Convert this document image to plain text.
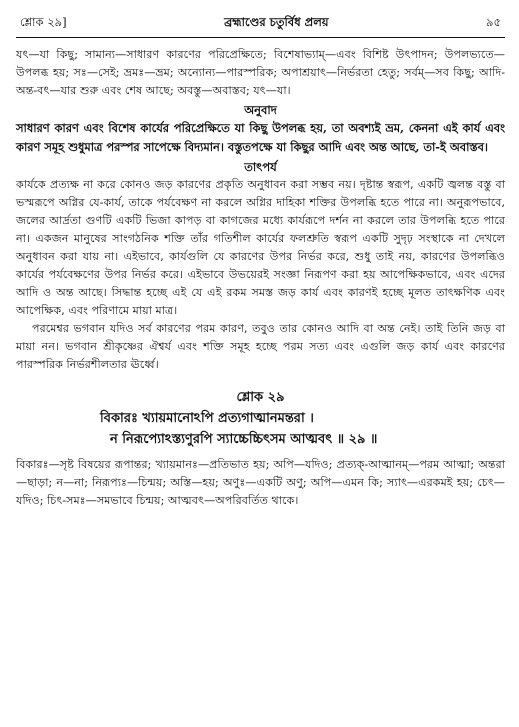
শ্লোক ২৯]	ব্রহ্মাণ্ডের চতুর্বিধ প্রলয়	৯৫

যৎ—যা কিছু; সামান্য—সাধারণ কারণের পরিপ্রেক্ষিতে; বিশেষাভ্যাম্—এবং বিশিষ্ট উৎপাদন; উপলভ্যতে—উপলব্ধ হয়; সঃ—সেই; ভ্রমঃ—ভ্রম; অন্যোন্য—পারস্পরিক; অপাশ্রয়াৎ—নির্ভরতা হেতু; সর্বম্—সব কিছু; আদি-অন্ত-বৎ—যার শুরু এবং শেষ আছে; অবস্তু—অবাস্তব; যৎ—যা।

অনুবাদ

সাধারণ কারণ এবং বিশেষ কার্যের পরিপ্রেক্ষিতে যা কিছু উপলব্ধ হয়, তা অবশ্যই ভ্রম, কেননা এই কার্য এবং কারণ সমূহ শুধুমাত্র পরস্পর সাপেক্ষে বিদ্যমান। বস্তুতপক্ষে যা কিছুর আদি এবং অন্ত আছে, তা-ই অবাস্তব।

তাৎপর্য

কার্যকে প্রত্যক্ষ না করে কোনও জড় কারণের প্রকৃতি অনুধাবন করা সম্ভব নয়। দৃষ্টান্ত স্বরূপ, একটি জ্বলন্ত বস্তু বা ভস্মরূপে অগ্নির যে-কার্য, তাকে পর্যবেক্ষণ না করলে অগ্নির দাহিকা শক্তির উপলব্ধি হতে পারে না। অনুরূপভাবে, জলের আর্দ্রতা গুণটি একটি ভিজা কাপড় বা কাগজের মধ্যে কার্যরূপে দর্শন না করলে তার উপলব্ধি হতে পারে না। একজন মানুষের সাংগঠনিক শক্তি তাঁর গতিশীল কার্যের ফলশ্রুতি স্বরূপ একটি সুদৃঢ় সংস্থাকে না দেখলে অনুধাবন করা যায় না। এইভাবে, কার্যগুলি যে কারণের উপর নির্ভর করে, শুধু তাই নয়, কারণের উপলব্ধিও কার্যের পর্যবেক্ষণের উপর নির্ভর করে। এইভাবে উভয়েরই সংজ্ঞা নিরূপণ করা হয় আপেক্ষিকভাবে, এবং এদের আদি ও অন্ত আছে। সিদ্ধান্ত হচ্ছে এই যে এই রকম সমস্ত জড় কার্য এবং কারণই হচ্ছে মূলত তাৎক্ষণিক এবং আপেক্ষিক, এবং পরিণামে মায়া মাত্র।

পরমেশ্বর ভগবান যদিও সর্ব কারণের পরম কারণ, তবুও তার কোনও আদি বা অন্ত নেই। তাই তিনি জড় বা মায়া নন। ভগবান শ্রীকৃষ্ণের ঐশ্বর্য এবং শক্তি সমূহ হচ্ছে পরম সত্য এবং এগুলি জড় কার্য এবং কারণের পারস্পরিক নির্ভরশীলতার ঊর্ধ্বে।

শ্লোক ২৯
বিকারঃ খ্যায়মানোঽপি প্রত্যগাত্মানমন্তরা ।
ন নিরূপ্যোঽস্ত্যণুরপি স্যাচ্চেচ্চিৎসম আত্মবৎ ॥ ২৯ ॥

বিকারঃ—সৃষ্ট বিষয়ের রূপান্তর; খ্যায়মানঃ—প্রতিভাত হয়; অপি—যদিও; প্রত্যক্-আত্মানম্—পরম আত্মা; অন্তরা—ছাড়া; ন—না; নিরূপ্যঃ—চিন্ময়; অস্তি—হয়; অণুঃ—একটি অণু; অপি—এমন কি; স্যাৎ—এরকমই হয়; চেৎ—যদিও; চিৎ-সমঃ—সমভাবে চিন্ময়; আত্মবৎ—অপরিবর্তিত থাকে।
